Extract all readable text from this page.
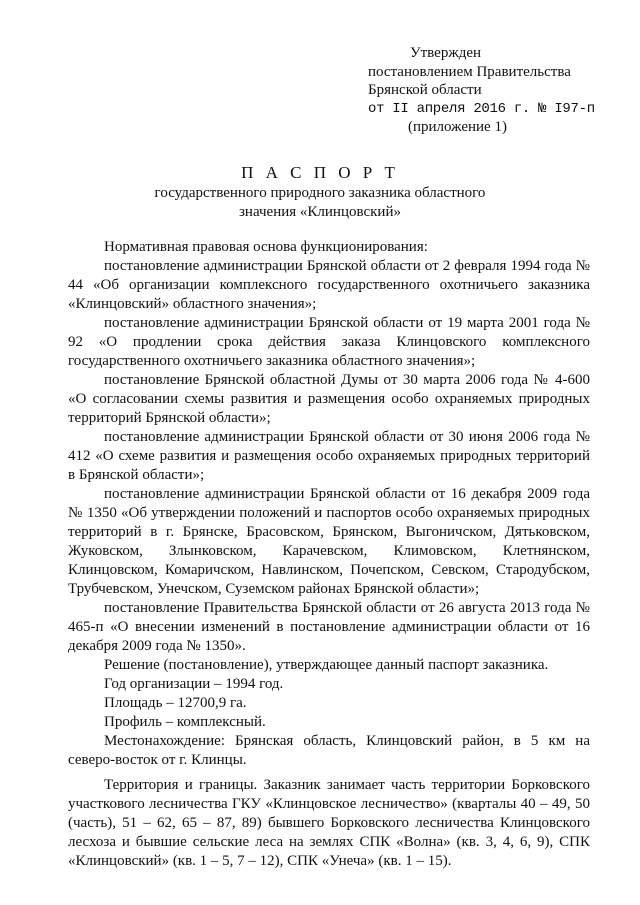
Утвержден
постановлением Правительства
Брянской области
от II апреля 2016 г. № I97-п
(приложение 1)
П А С П О Р Т
государственного природного заказника областного
значения «Клинцовский»

Нормативная правовая основа функционирования:

постановление администрации Брянской области от 2 февраля 1994 года № 44 «Об организации комплексного государственного охотничьего заказника «Клинцовский» областного значения»;

постановление администрации Брянской области от 19 марта 2001 года № 92 «О продлении срока действия заказа Клинцовского комплексного государственного охотничьего заказника областного значения»;

постановление Брянской областной Думы от 30 марта 2006 года № 4-600 «О согласовании схемы развития и размещения особо охраняемых природных территорий Брянской области»;

постановление администрации Брянской области от 30 июня 2006 года № 412 «О схеме развития и размещения особо охраняемых природных территорий в Брянской области»;

постановление администрации Брянской области от 16 декабря 2009 года № 1350 «Об утверждении положений и паспортов особо охраняемых природных территорий в г. Брянске, Брасовском, Брянском, Выгоничском, Дятьковском, Жуковском, Злынковском, Карачевском, Климовском, Клетнянском, Клинцовском, Комаричском, Навлинском, Почепском, Севском, Стародубском, Трубчевском, Унечском, Суземском районах Брянской области»;

постановление Правительства Брянской области от 26 августа 2013 года № 465-п «О внесении изменений в постановление администрации области от 16 декабря 2009 года № 1350».

Решение (постановление), утверждающее данный паспорт заказника.

Год организации – 1994 год.

Площадь – 12700,9 га.

Профиль – комплексный.

Местонахождение: Брянская область, Клинцовский район, в 5 км на северо-восток от г. Клинцы.

Территория и границы. Заказник занимает часть территории Борковского участкового лесничества ГКУ «Клинцовское лесничество» (кварталы 40 – 49, 50 (часть), 51 – 62, 65 – 87, 89) бывшего Борковского лесничества Клинцовского лесхоза и бывшие сельские леса на землях СПК «Волна» (кв. 3, 4, 6, 9), СПК «Клинцовский» (кв. 1 – 5, 7 – 12), СПК «Унеча» (кв. 1 – 15).
